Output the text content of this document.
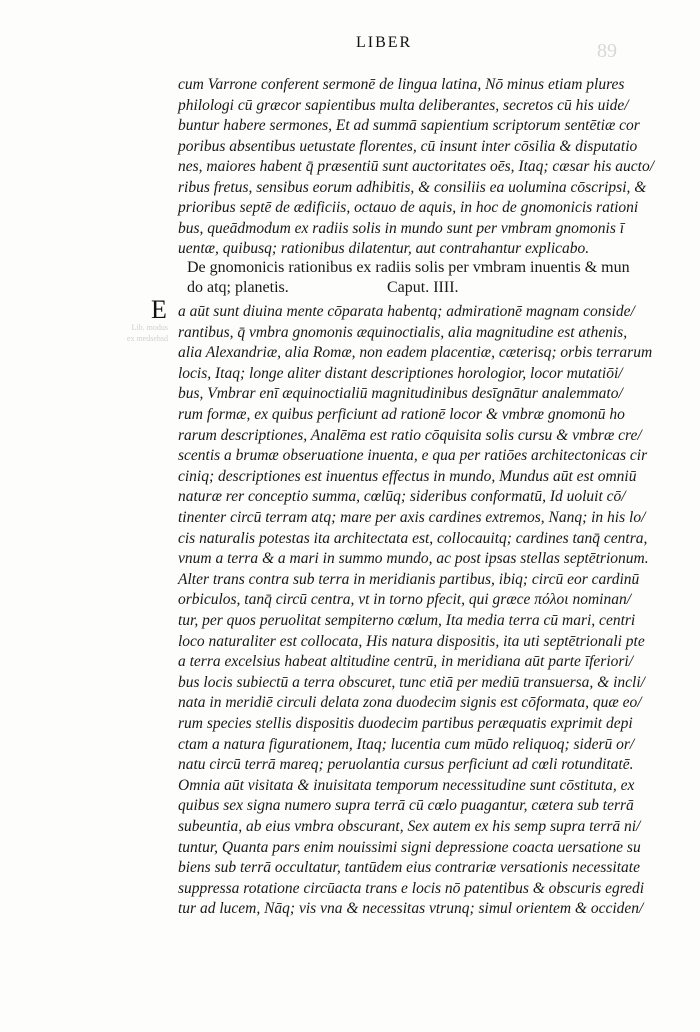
89
Lib. modus
ex medsehsd
LIBER
cum Varrone conferent sermonē de lingua latina, Nō minus etiam plures
philologi cū græcor sapientibus multa deliberantes, secretos cū his uide/
buntur habere sermones, Et ad summā sapientium scriptorum sentētiæ cor
poribus absentibus uetustate florentes, cū insunt inter cōsilia & disputatio
nes, maiores habent q̄ præsentiū sunt auctoritates oēs, Itaq; cæsar his aucto/
ribus fretus, sensibus eorum adhibitis, & consiliis ea uolumina cōscripsi, &
prioribus septē de ædificiis, octauo de aquis, in hoc de gnomonicis rationi
bus, queādmodum ex radiis solis in mundo sunt per vmbram gnomonis ī
uentæ, quibusq; rationibus dilatentur, aut contrahantur explicabo.
De gnomonicis rationibus ex radiis solis per vmbram inuentis & mun
do atq; planetis.	Caput. IIII.
E a aūt sunt diuina mente cōparata habentq; admirationē magnam conside/
rantibus, q̄ vmbra gnomonis æquinoctialis, alia magnitudine est athenis,
alia Alexandriæ, alia Romæ, non eadem placentiæ, cæterisq; orbis terrarum
locis, Itaq; longe aliter distant descriptiones horologior, locor mutatiōi/
bus, Vmbrar enī æquinoctialiū magnitudinibus desīgnātur analemmato/
rum formæ, ex quibus perficiunt ad rationē locor & vmbræ gnomonū ho
rarum descriptiones, Analēma est ratio cōquisita solis cursu & vmbræ cre/
scentis a brumæ obseruatione inuenta, e qua per ratiōes architectonicas cir
ciniq; descriptiones est inuentus effectus in mundo, Mundus aūt est omniū
naturæ rer conceptio summa, cœlūq; sideribus conformatū, Id uoluit cō/
tinenter circū terram atq; mare per axis cardines extremos, Nanq; in his lo/
cis naturalis potestas ita architectata est, collocauitq; cardines tanq̄ centra,
vnum a terra & a mari in summo mundo, ac post ipsas stellas septētrionum.
Alter trans contra sub terra in meridianis partibus, ibiq; circū eor cardinū
orbiculos, tanq̄ circū centra, vt in torno pfecit, qui græce πόλοι nominan/
tur, per quos peruolitat sempiterno cœlum, Ita media terra cū mari, centri
loco naturaliter est collocata, His natura dispositis, ita uti septētrionali pte
a terra excelsius habeat altitudine centrū, in meridiana aūt parte īferiori/
bus locis subiectū a terra obscuret, tunc etiā per mediū transuersa, & incli/
nata in meridiē circuli delata zona duodecim signis est cōformata, quæ eo/
rum species stellis dispositis duodecim partibus peræquatis exprimit depi
ctam a natura figurationem, Itaq; lucentia cum mūdo reliquoq; siderū or/
natu circū terrā mareq; peruolantia cursus perficiunt ad cœli rotunditatē.
Omnia aūt visitata & inuisitata temporum necessitudine sunt cōstituta, ex
quibus sex signa numero supra terrā cū cœlo puagantur, cætera sub terrā
subeuntia, ab eius vmbra obscurant, Sex autem ex his semp supra terrā ni/
tuntur, Quanta pars enim nouissimi signi depressione coacta uersatione su
biens sub terrā occultatur, tantūdem eius contrariæ versationis necessitate
suppressa rotatione circūacta trans e locis nō patentibus & obscuris egredi
tur ad lucem, Nāq; vis vna & necessitas vtrunq; simul orientem & occiden/
